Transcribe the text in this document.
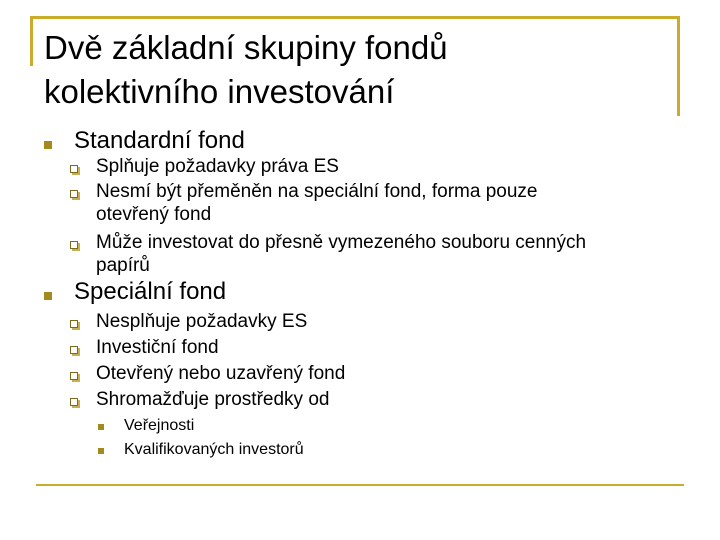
Dvě základní skupiny fondů
kolektivního investování
Standardní fond
Splňuje požadavky práva ES
Nesmí být přeměněn na speciální fond, forma pouze
otevřený fond
Může investovat do přesně vymezeného souboru cenných
papírů
Speciální fond
Nesplňuje požadavky ES
Investiční fond
Otevřený nebo uzavřený fond
Shromažďuje prostředky od
Veřejnosti
Kvalifikovaných investorů
